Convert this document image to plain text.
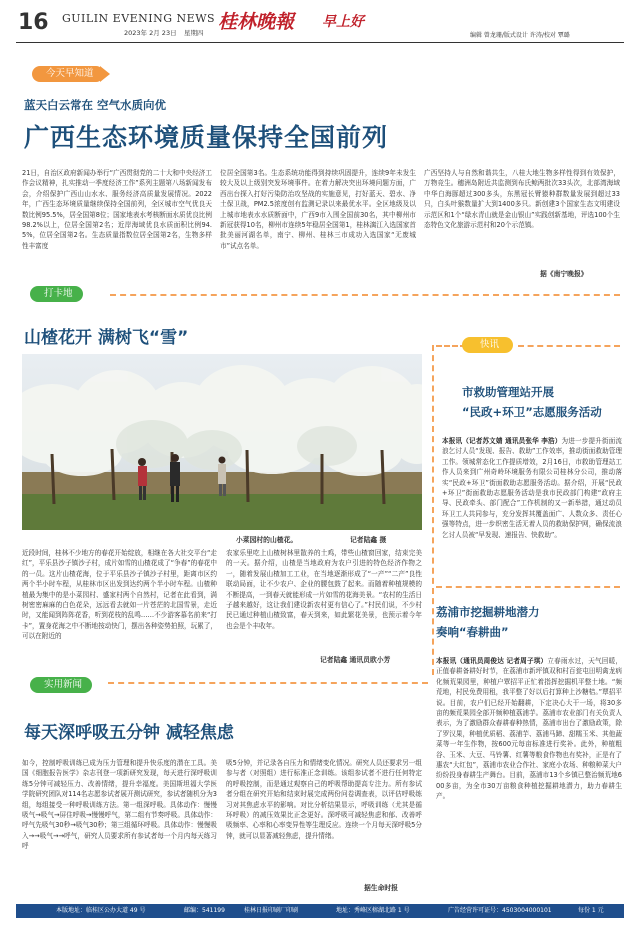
16 GUILIN EVENING NEWS
2023年 2月 23日 星期四 桂林晚報 早上好
编辑 曾龙珊/版式设计 许涛/校对 覃璐
今天早知道
蓝天白云常在 空气水质向优
广西生态环境质量保持全国前列
21日，自治区政府新闻办举行“广西贯彻党的二十大和中央经济工作会议精神，扎实推动一季度经济工作”系列主题第八场新闻发布会，介绍保护广西山山水水、服务经济高质量发展情况。2022年，广西生态环境质量继续保持全国前列，全区城市空气优良天数比例95.5%，居全国第8位；国家地表水考核断面水质优良比例98.2%以上，位居全国第2名；近岸海域优良水质面积比例94.5%，位居全国第2名。生态质量指数位居全国第2名，生物多样性丰富度
位居全国第3名。生态系统功能得到持续巩固提升，连续9年未发生较大及以上级别突发环境事件。在着力解决突出环境问题方面，广西出台探入打好污染防治攻坚战的实施意见，打好蓝天、碧水、净土保卫战，PM2.5浓度创有监测记录以来最优水平。全区地级及以上城市地表水水质断面中，广西9市入围全国前30名，其中柳州市新冠获得10名，柳州市连续5年稳居全国第1，桂林漓江入选国家首批美丽河湖名单，南宁、柳州、桂林三市成功入选国家“无废城市”试点名单。
广西坚持人与自然和谐共生，八桂大地生物多样性得到有效保护，万物竞生。穗洲岛附近共监测到布氏鲸两批次33头次，北部湾海域中华白海豚超过300多头，东黑冠长臂猿种群数量发展到超过33只，白头叶猴数量扩大到1400多只。新创建3个国家生态文明建设示范区和1个“绿水青山就是金山银山”实践创新基地，评选100个生态特色文化旅游示范村和20个示范镇。
据《南宁晚报》
打卡地
山楂花开 满树飞“雪”
小菜园村的山楂花。	记者陆鑫 摄
近段时间，桂林不少地方的春花开始绽放，相继在各大社交平台“走红”，平乐县沙子镇沙子村，成片如雪的山楂花成了“争春”的春花中的一员。这片山楂花海，位于平乐县沙子镇沙子村里，距离市区约两个半小时车程，从桂林市区出发到达约两个半小时车程。山楂种植最为集中的是小菜园村、盛家村两个自然村，记者在此看到，满树密密麻麻的白色花朵，远远看去就如一片苍茫的北国雪景，走近时，又能闻到阵阵花香，听到花枝的乱鸣……不少游客慕名前来“打卡”，置身花海之中不断地按动快门，摆出各种姿势拍照，玩累了，可以在附近的
农家乐里吃上山楂树林里散养的土鸡，带些山楂窗回家，结束完美的一天。据介绍，山楂是当地政府为农户引进的特色经济作物之一，随着发展山楂加工工业，在当地逐渐形成了“一产”“二产”良性联动局面，让不少农户、企业的腰包鼓了起来。而随着种植规模的不断提高，一到春天就能形成一片如雪的花海美景。“农村的生活日子越来越好，这让我们建设新农村更有信心了。”村民们说，不少村民已通过种植山楂致富，春天到来，如此繁花美景，也预示着今年也会是个丰收年。
记者陆鑫 通讯员欧小芳
快讯
市救助管理站开展
“民政+环卫”志愿服务活动
本报讯（记者苏文婧 通讯员张华 李浩）为进一步提升街面流浪乞讨人员“发现、报告、救助”工作效率，推动街面救助管理工作。领城常态化工作提质增效，2月16日，市救助管理站工作人员来到广州奇岭环境服务有限公司桂林分公司，推动落实“民政+环卫”街面救助志愿服务活动。据介绍，开展“民政+环卫”街面救助志愿服务活动是我市民政部门构建“政府主导、民政牵头、部门配合”工作机制的又一新举措，通过动员环卫工人共同参与，充分发挥其覆盖面广、人数众多、责任心强等特点，进一步织密生活无着人员的救助保护网，确保流浪乞讨人员被“早发现、速报告、快救助”。
荔浦市挖掘耕地潜力
奏响“春耕曲”
本报讯（通讯员周俊达 记者周子琪）立春雨水过，天气回暖，正值春耕备耕好时节，在荔浦市新坪镇双和村百瓮屯田明禽龙病化频荒果园里，种植户覃招平正忙着指挥挖掘机平整土地。“频荒地，村民免费用租，我平整了好以后打算种上沙糖桔。”覃招平说。目前，农户们已经开始翻耕，下定决心大干一场，将30多亩的频荒果园全部开频种植荔浦芋。荔浦市农业部门有关负责人表示，为了激励群众春耕春种热情，荔浦市出台了激励政策，除了罗汉果，种植优质稻、荔浦芋、荔浦马蹄、甜糯玉米、其他蔬菜等一年生作物，按600元每亩标准进行奖补。此外，种植粗谷、玉米、大豆、马铃薯、红薯等粮食作物也有奖补，正是有了惠农“大红包”，荔浦市农业合作社、家庭小农场、种粮种菜大户纷纷投身春耕生产舞台。目前，荔浦市13个乡镇已整治频荒地600多亩，为全市30万亩粮食种植挖掘耕地潜力，助力春耕生产。
实用新闻
每天深呼吸五分钟 减轻焦虑
如今，控制呼吸训练已成为压力管理和提升快乐度的潜在工具。美国《细胞报告医学》杂志刊登一项新研究发现，每天进行深呼吸训练5分钟可减轻压力、改善情绪，提升幸福度。美国斯坦福大学医学院研究团队对114名志愿参试者展开测试研究，参试者随机分为3组，每组接受一种呼吸训练方法。第一组深呼吸。具体动作：慢慢吸气→吸气→屏住呼吸→慢慢呼气，第二组有节奏呼吸。具体动作：呼气先吸气30秒→吸气30秒；第三组循环呼吸。具体动作：慢慢吸入→→吸气→→呼气，研究人员要求所有参试者每一个月内每天练习呼
吸5分钟，并记录各自压力和情绪变化情况。研究人员还要求另一组参与者（对照组）进行标准正念训练。该组参试者不进行任何特定的呼吸控制，而是通过观察自己的呼吸帮助提高专注力。所有参试者分组在研究开始和结束时展完成两份问卷调查表，以评估呼吸练习对其焦虑水平的影响。对比分析结果显示，呼吸训练（尤其是循环呼吸）的减压效果比正念更好。深呼吸可减轻焦虑和郁、改善呼吸频率、心率和心率变异性等生理反应。连续一个月每天深呼吸5分钟，就可以显著减轻焦虑，提升情绪。
据生命时报
本版地址：临桂区公办大道 49 号	邮编：541199	桂林日报印刷厂印刷	地址：秀峰区榕湖北路 1 号	广告经营许可证号：4503004000101	每份 1 元
